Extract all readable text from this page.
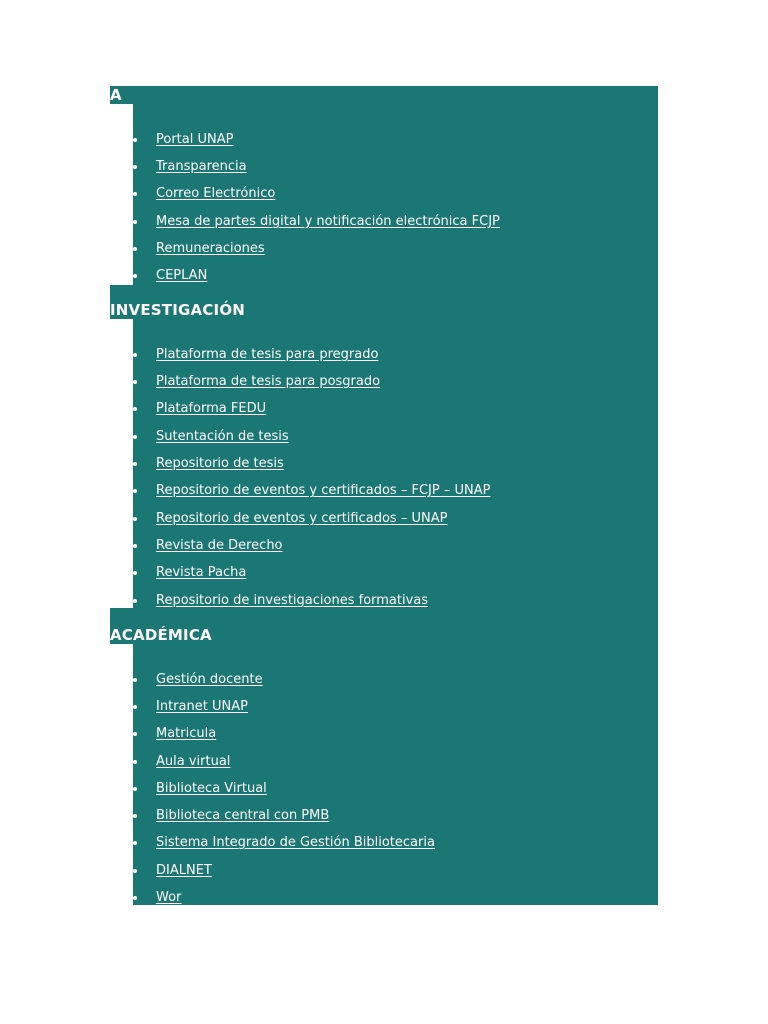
A
Portal UNAP
Transparencia
Correo Electrónico
Mesa de partes digital y notificación electrónica FCJP
Remuneraciones
CEPLAN
INVESTIGACIÓN
Plataforma de tesis para pregrado
Plataforma de tesis para posgrado
Plataforma FEDU
Sutentación de tesis
Repositorio de tesis
Repositorio de eventos y certificados – FCJP – UNAP
Repositorio de eventos y certificados – UNAP
Revista de Derecho
Revista Pacha
Repositorio de investigaciones formativas
ACADÉMICA
Gestión docente
Intranet UNAP
Matricula
Aula virtual
Biblioteca Virtual
Biblioteca central con PMB
Sistema Integrado de Gestión Bibliotecaria
DIALNET
Wor
